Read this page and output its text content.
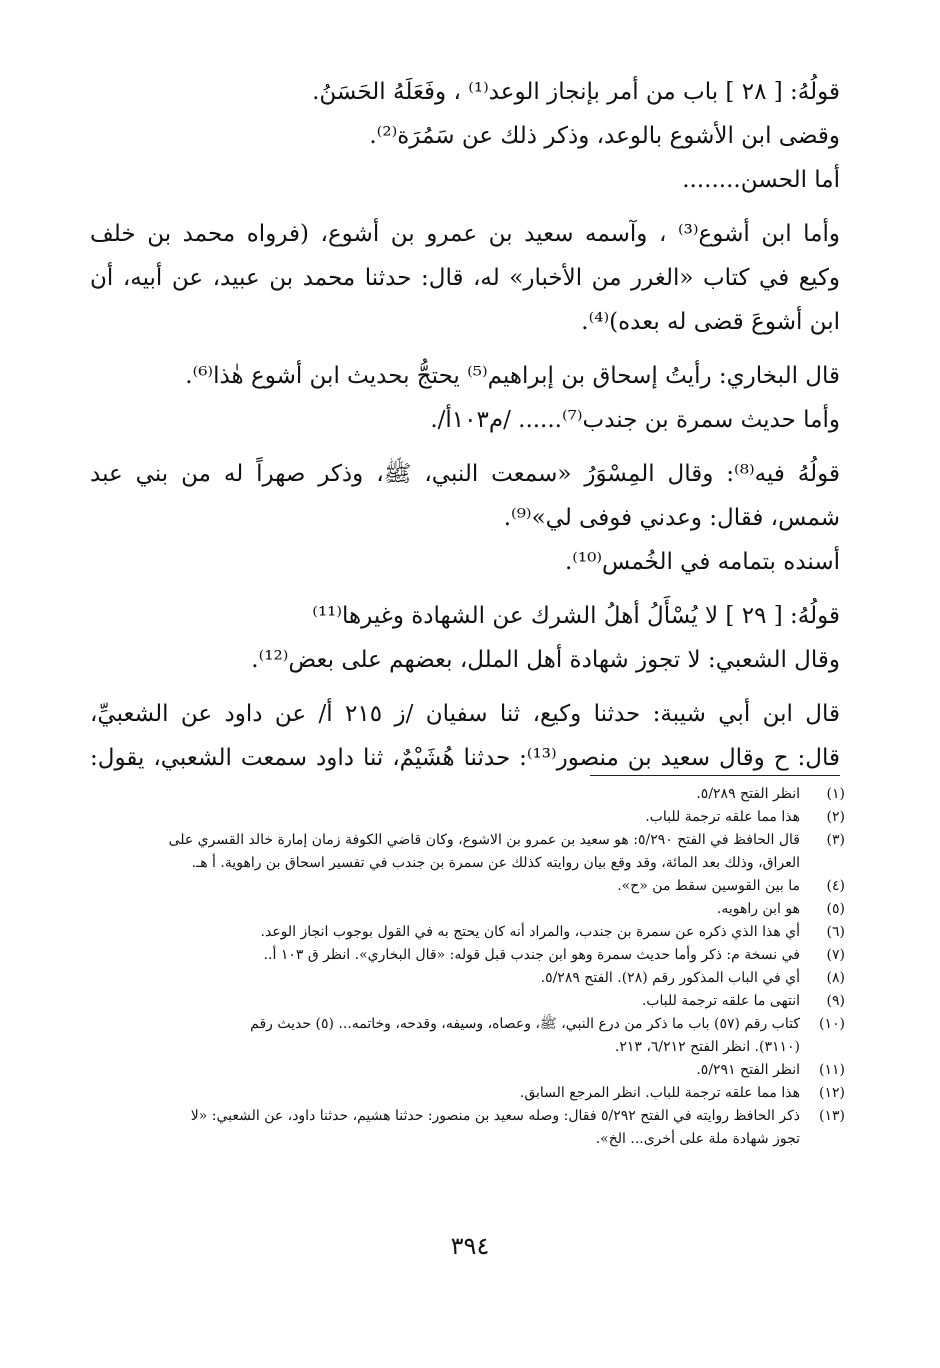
قولُهُ: [ ٢٨ ] باب من أمر بإنجاز الوعد⁽¹⁾ ، وفَعَلَهُ الحَسَنُ.
وقضى ابن الأشوع بالوعد، وذكر ذلك عن سَمُرَة⁽²⁾.
أما الحسن........
وأما ابن أشوع⁽³⁾ ، وآسمه سعيد بن عمرو بن أشوع، (فرواه محمد بن خلف
وكيع في كتاب «الغرر من الأخبار» له، قال: حدثنا محمد بن عبيد، عن أبيه، أن
ابن أشوعَ قضى له بعده)⁽⁴⁾.
قال البخاري: رأيتُ إسحاق بن إبراهيم⁽⁵⁾ يحتجُّ بحديث ابن أشوع هٰذا⁽⁶⁾.
وأما حديث سمرة بن جندب⁽⁷⁾...... /م١٠٣أ/.
قولُهُ فيه⁽⁸⁾: وقال المِسْوَرُ «سمعت النبي، ﷺ، وذكر صهراً له من بني عبد
شمس، فقال: وعدني فوفى لي»⁽⁹⁾.
أسنده بتمامه في الخُمس⁽¹⁰⁾.
قولُهُ: [ ٢٩ ] لا يُسْأَلُ أهلُ الشرك عن الشهادة وغيرها⁽¹¹⁾
وقال الشعبي: لا تجوز شهادة أهل الملل، بعضهم على بعض⁽¹²⁾.
قال ابن أبي شيبة: حدثنا وكيع، ثنا سفيان /ز ٢١٥ أ/ عن داود عن الشعبيِّ،
قال: ح وقال سعيد بن منصور⁽¹³⁾: حدثنا هُشَيْمٌ، ثنا داود سمعت الشعبي، يقول:
(١)
انظر الفتح ٥/٢٨٩.
(٢)
هذا مما علقه ترجمة للباب.
(٣)
قال الحافظ في الفتح ٥/٢٩٠: هو سعيد بن عمرو بن الاشوع، وكان قاضي الكوفة زمان إمارة خالد القسري على
العراق، وذلك بعد المائة، وقد وقع بيان روايته كذلك عن سمرة بن جندب في تفسير اسحاق بن راهوية. أ هـ.
(٤)
ما بين القوسين سقط من «ح».
(٥)
هو ابن راهويه.
(٦)
أي هذا الذي ذكره عن سمرة بن جندب، والمراد أنه كان يحتج به في القول بوجوب انجاز الوعد.
(٧)
في نسخة م: ذكر وأما حديث سمرة وهو ابن جندب قبل قوله: «قال البخاري». انظر ق ١٠٣ أ..
(٨)
أي في الباب المذكور رقم (٢٨). الفتح ٥/٢٨٩.
(٩)
انتهى ما علقه ترجمة للباب.
(١٠)
كتاب رقم (٥٧) باب ما ذكر من درع النبي، ﷺ، وعصاه، وسيفه، وقدحه، وخاتمه... (٥) حديث رقم
(٣١١٠). انظر الفتح ٦/٢١٢، ٢١٣.
(١١)
انظر الفتح ٥/٢٩١.
(١٢)
هذا مما علقه ترجمة للباب. انظر المرجع السابق.
(١٣)
ذكر الحافظ روايته في الفتح ٥/٢٩٢ فقال: وصله سعيد بن منصور: حدثنا هشيم، حدثنا داود، عن الشعبي: «لا
تجوز شهادة ملة على أخرى... الخ».
٣٩٤
